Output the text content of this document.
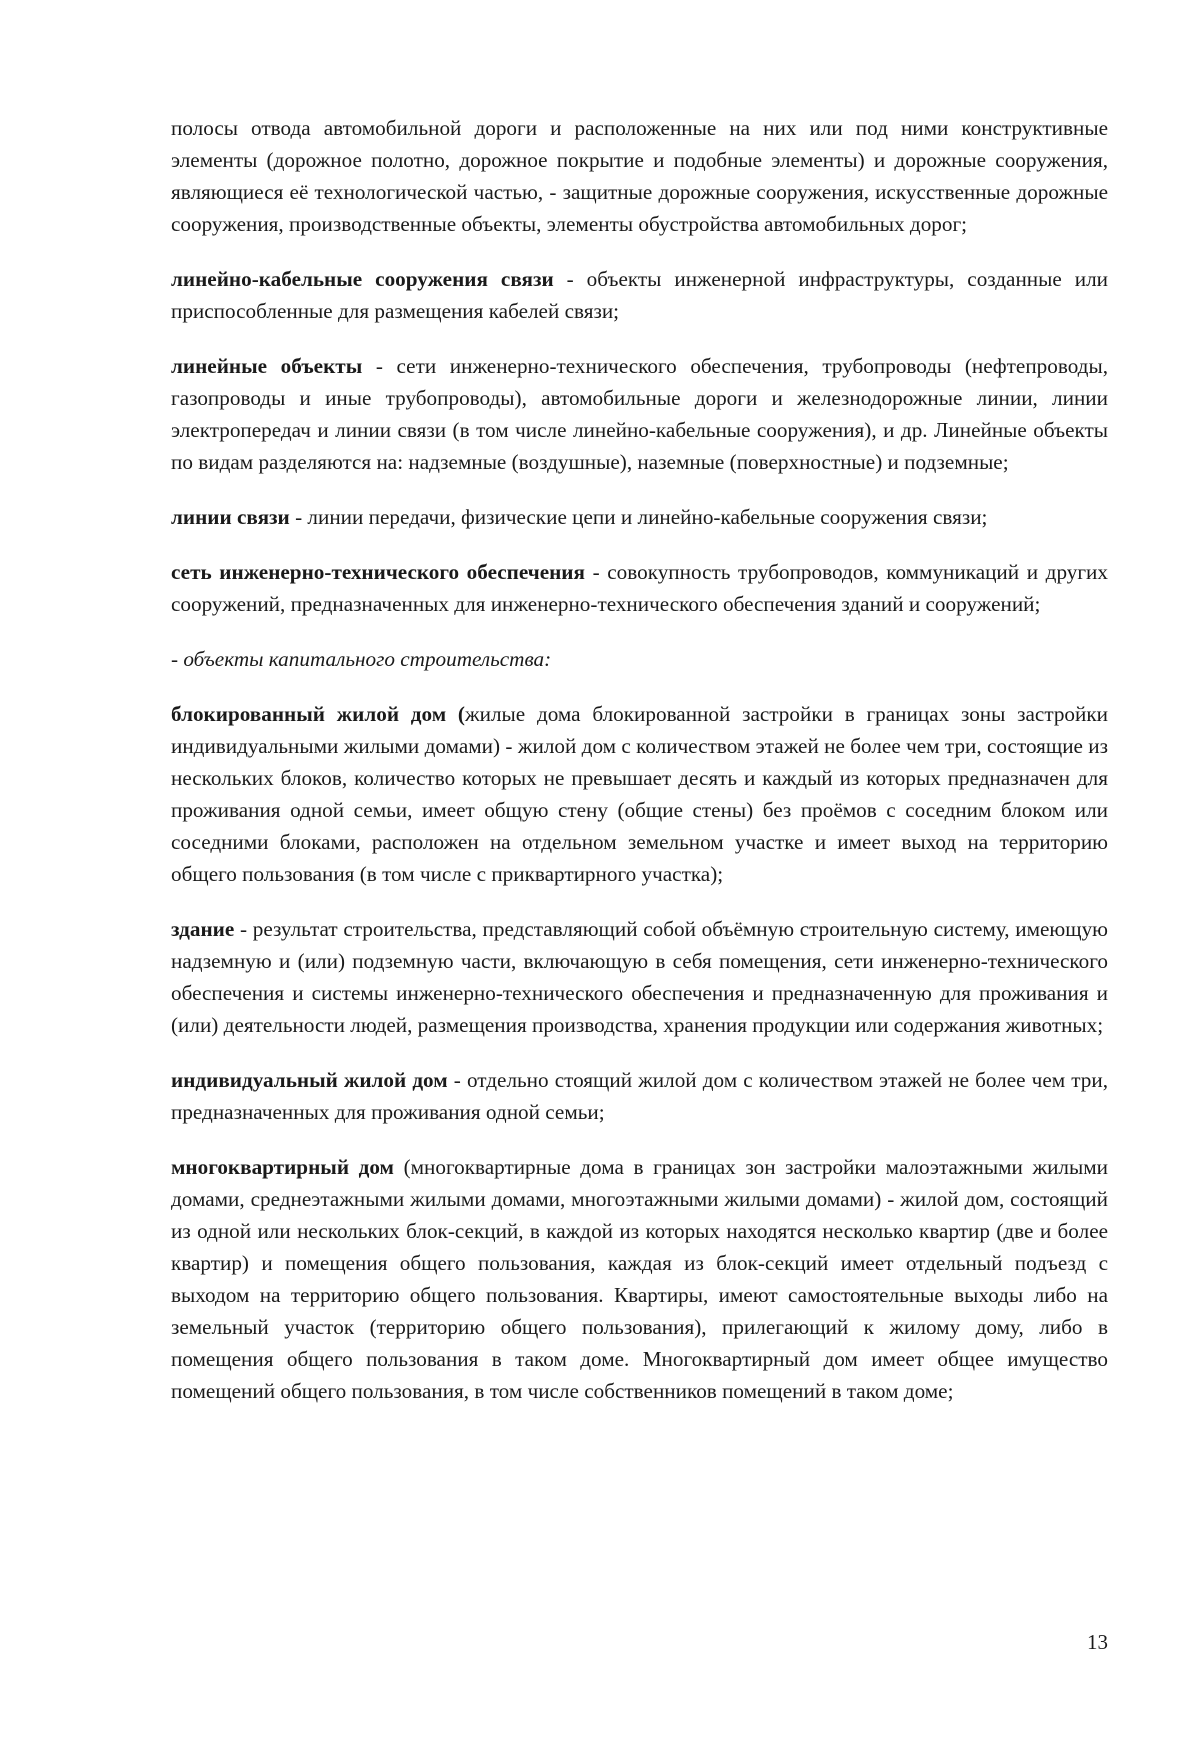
полосы отвода автомобильной дороги и расположенные на них или под ними конструктивные элементы (дорожное полотно, дорожное покрытие и подобные элементы) и дорожные сооружения, являющиеся её технологической частью, - защитные дорожные сооружения, искусственные дорожные сооружения, производственные объекты, элементы обустройства автомобильных дорог;

линейно-кабельные сооружения связи - объекты инженерной инфраструктуры, созданные или приспособленные для размещения кабелей связи;

линейные объекты - сети инженерно-технического обеспечения, трубопроводы (нефтепроводы, газопроводы и иные трубопроводы), автомобильные дороги и железнодорожные линии, линии электропередач и линии связи (в том числе линейно-кабельные сооружения), и др. Линейные объекты по видам разделяются на: надземные (воздушные), наземные (поверхностные) и подземные;

линии связи - линии передачи, физические цепи и линейно-кабельные сооружения связи;

сеть инженерно-технического обеспечения - совокупность трубопроводов, коммуникаций и других сооружений, предназначенных для инженерно-технического обеспечения зданий и сооружений;

- объекты капитального строительства:

блокированный жилой дом (жилые дома блокированной застройки в границах зоны застройки индивидуальными жилыми домами) - жилой дом с количеством этажей не более чем три, состоящие из нескольких блоков, количество которых не превышает десять и каждый из которых предназначен для проживания одной семьи, имеет общую стену (общие стены) без проёмов с соседним блоком или соседними блоками, расположен на отдельном земельном участке и имеет выход на территорию общего пользования (в том числе с приквартирного участка);

здание - результат строительства, представляющий собой объёмную строительную систему, имеющую надземную и (или) подземную части, включающую в себя помещения, сети инженерно-технического обеспечения и системы инженерно-технического обеспечения и предназначенную для проживания и (или) деятельности людей, размещения производства, хранения продукции или содержания животных;

индивидуальный жилой дом - отдельно стоящий жилой дом с количеством этажей не более чем три, предназначенных для проживания одной семьи;

многоквартирный дом (многоквартирные дома в границах зон застройки малоэтажными жилыми домами, среднеэтажными жилыми домами, многоэтажными жилыми домами) - жилой дом, состоящий из одной или нескольких блок-секций, в каждой из которых находятся несколько квартир (две и более квартир) и помещения общего пользования, каждая из блок-секций имеет отдельный подъезд с выходом на территорию общего пользования. Квартиры, имеют самостоятельные выходы либо на земельный участок (территорию общего пользования), прилегающий к жилому дому, либо в помещения общего пользования в таком доме. Многоквартирный дом имеет общее имущество помещений общего пользования, в том числе собственников помещений в таком доме;

13
